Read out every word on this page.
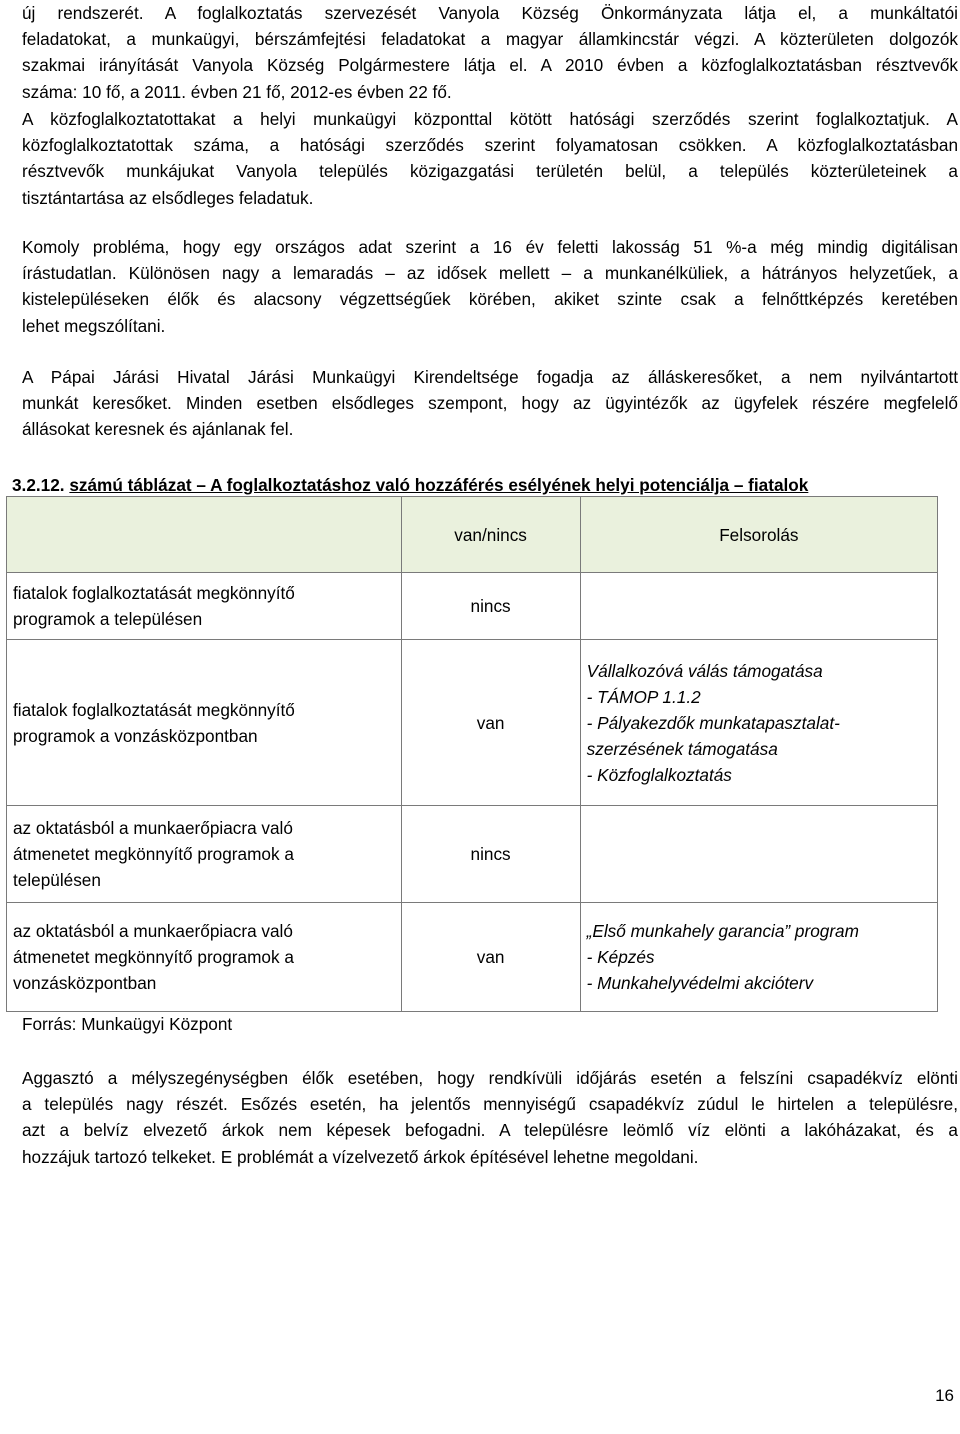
új rendszerét. A foglalkoztatás szervezését Vanyola Község Önkormányzata látja el, a munkáltatói
feladatokat, a munkaügyi, bérszámfejtési feladatokat a magyar államkincstár végzi. A közterületen dolgozók
szakmai irányítását Vanyola Község Polgármestere látja el. A 2010 évben a közfoglalkoztatásban résztvevők
száma: 10 fő, a 2011. évben 21 fő, 2012-es évben 22 fő.
A közfoglalkoztatottakat a helyi munkaügyi központtal kötött hatósági szerződés szerint foglalkoztatjuk. A
közfoglalkoztatottak száma, a hatósági szerződés szerint folyamatosan csökken. A közfoglalkoztatásban
résztvevők munkájukat Vanyola település közigazgatási területén belül, a település közterületeinek a
tisztántartása az elsődleges feladatuk.
Komoly probléma, hogy egy országos adat szerint a 16 év feletti lakosság 51 %-a még mindig digitálisan
írástudatlan. Különösen nagy a lemaradás – az idősek mellett – a munkanélküliek, a hátrányos helyzetűek, a
kistelepüléseken élők és alacsony végzettségűek körében, akiket szinte csak a felnőttképzés keretében
lehet megszólítani.
A Pápai Járási Hivatal Járási Munkaügyi Kirendeltsége fogadja az álláskeresőket, a nem nyilvántartott
munkát keresőket. Minden esetben elsődleges szempont, hogy az ügyintézők az ügyfelek részére megfelelő
állásokat keresnek és ajánlanak fel.
3.2.12. számú táblázat – A foglalkoztatáshoz való hozzáférés esélyének helyi potenciálja – fiatalok
	van/nincs	Felsorolás

fiatalok foglalkoztatását megkönnyítő
programok a településen	nincs	

fiatalok foglalkoztatását megkönnyítő
programok a vonzásközpontban	van	Vállalkozóvá válás támogatása
- TÁMOP 1.1.2
- Pályakezdők munkatapasztalat-
szerzésének támogatása
- Közfoglalkoztatás

az oktatásból a munkaerőpiacra való
átmenetet megkönnyítő programok a
településen	nincs	

az oktatásból a munkaerőpiacra való
átmenetet megkönnyítő programok a
vonzásközpontban	van	„Első munkahely garancia” program
- Képzés
- Munkahelyvédelmi akcióterv
Forrás: Munkaügyi Központ
Aggasztó a mélyszegénységben élők esetében, hogy rendkívüli időjárás esetén a felszíni csapadékvíz elönti
a település nagy részét. Esőzés esetén, ha jelentős mennyiségű csapadékvíz zúdul le hirtelen a településre,
azt a belvíz elvezető árkok nem képesek befogadni. A településre leömlő víz elönti a lakóházakat, és a
hozzájuk tartozó telkeket. E problémát a vízelvezető árkok építésével lehetne megoldani.
16
